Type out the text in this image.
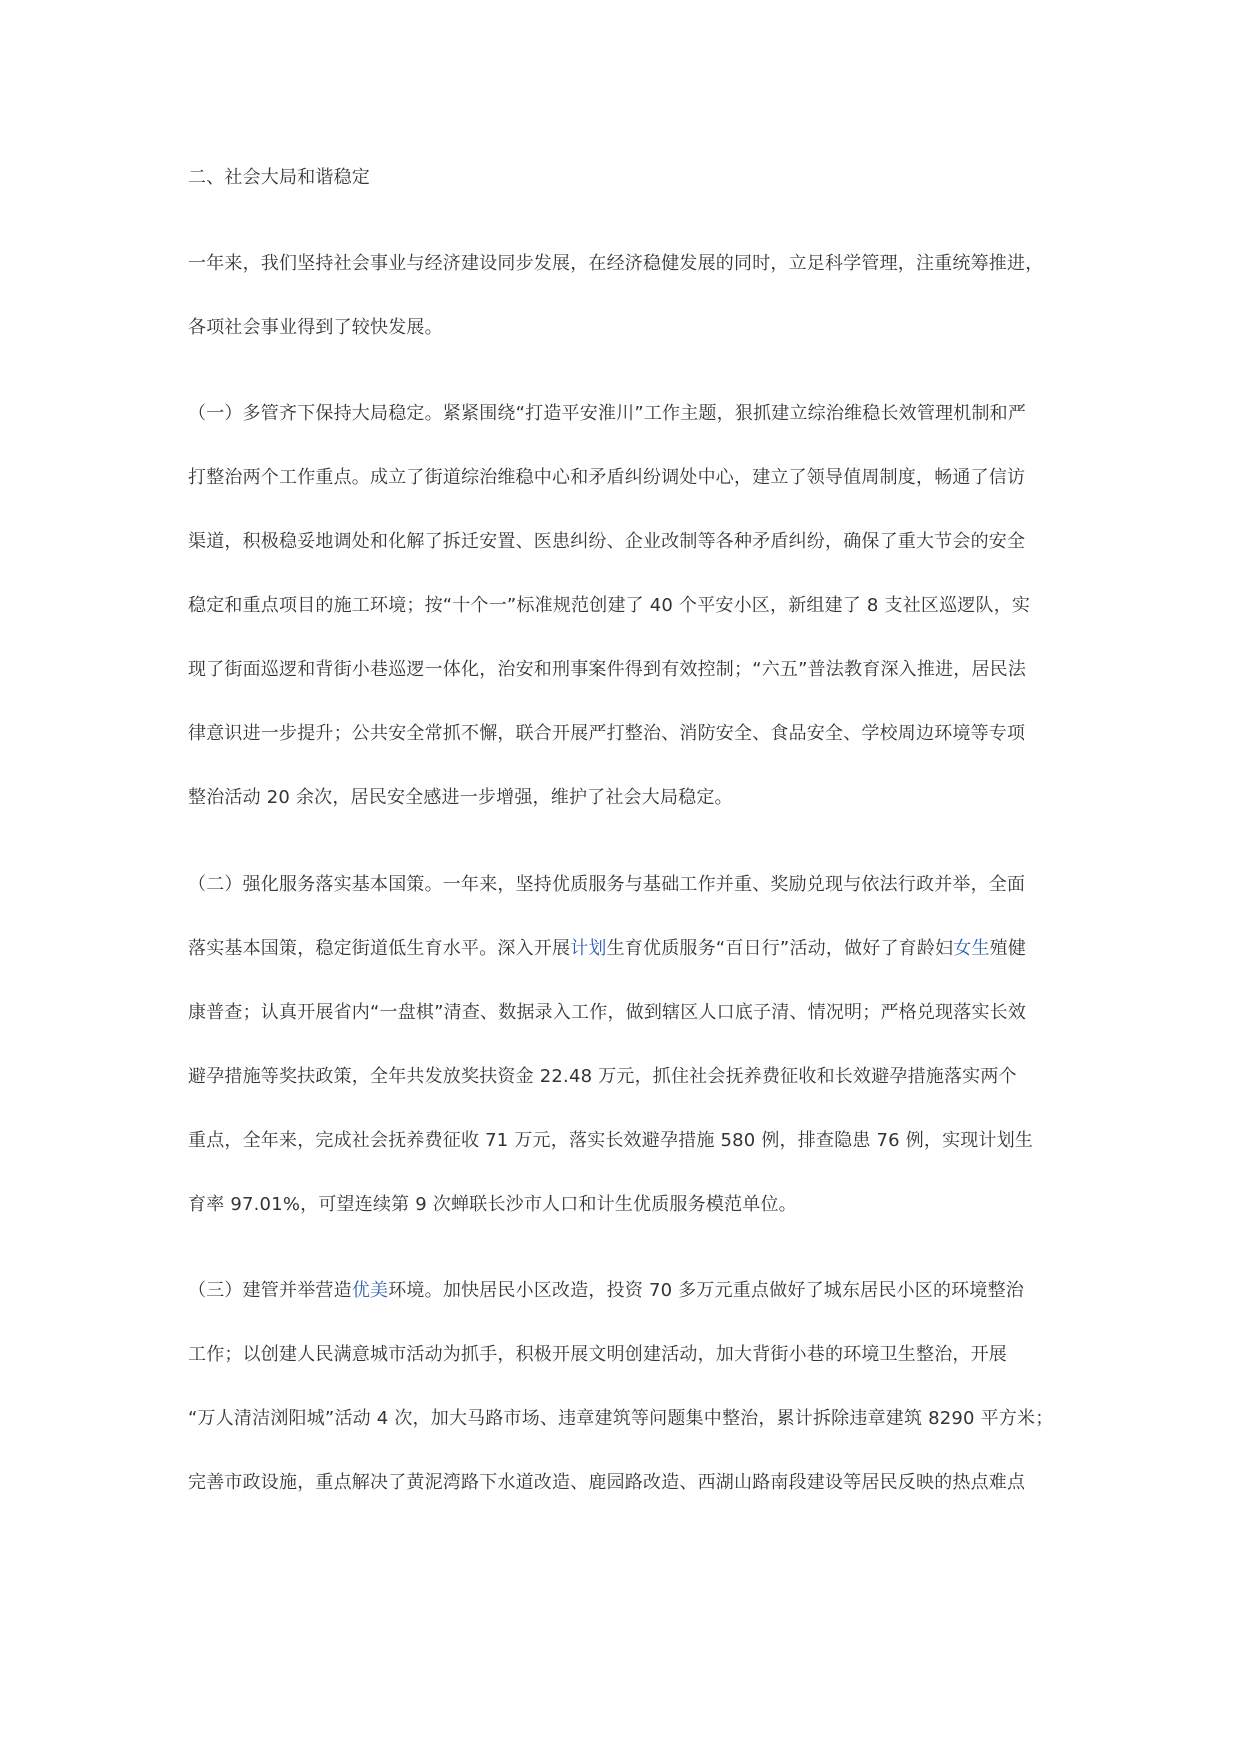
二、社会大局和谐稳定
一年来，我们坚持社会事业与经济建设同步发展，在经济稳健发展的同时，立足科学管理，注重统筹推进，
各项社会事业得到了较快发展。
（一）多管齐下保持大局稳定。紧紧围绕“打造平安淮川”工作主题，狠抓建立综治维稳长效管理机制和严
打整治两个工作重点。成立了街道综治维稳中心和矛盾纠纷调处中心，建立了领导值周制度，畅通了信访
渠道，积极稳妥地调处和化解了拆迁安置、医患纠纷、企业改制等各种矛盾纠纷，确保了重大节会的安全
稳定和重点项目的施工环境；按“十个一”标准规范创建了 40 个平安小区，新组建了 8 支社区巡逻队，实
现了街面巡逻和背街小巷巡逻一体化，治安和刑事案件得到有效控制；“六五”普法教育深入推进，居民法
律意识进一步提升；公共安全常抓不懈，联合开展严打整治、消防安全、食品安全、学校周边环境等专项
整治活动 20 余次，居民安全感进一步增强，维护了社会大局稳定。
（二）强化服务落实基本国策。一年来，坚持优质服务与基础工作并重、奖励兑现与依法行政并举，全面
落实基本国策，稳定街道低生育水平。深入开展计划生育优质服务“百日行”活动，做好了育龄妇女生殖健
康普查；认真开展省内“一盘棋”清查、数据录入工作，做到辖区人口底子清、情况明；严格兑现落实长效
避孕措施等奖扶政策，全年共发放奖扶资金 22.48 万元，抓住社会抚养费征收和长效避孕措施落实两个
重点，全年来，完成社会抚养费征收 71 万元，落实长效避孕措施 580 例，排查隐患 76 例，实现计划生
育率 97.01%，可望连续第 9 次蝉联长沙市人口和计生优质服务模范单位。
（三）建管并举营造优美环境。加快居民小区改造，投资 70 多万元重点做好了城东居民小区的环境整治
工作；以创建人民满意城市活动为抓手，积极开展文明创建活动，加大背街小巷的环境卫生整治，开展
“万人清洁浏阳城”活动 4 次，加大马路市场、违章建筑等问题集中整治，累计拆除违章建筑 8290 平方米；
完善市政设施，重点解决了黄泥湾路下水道改造、鹿园路改造、西湖山路南段建设等居民反映的热点难点
